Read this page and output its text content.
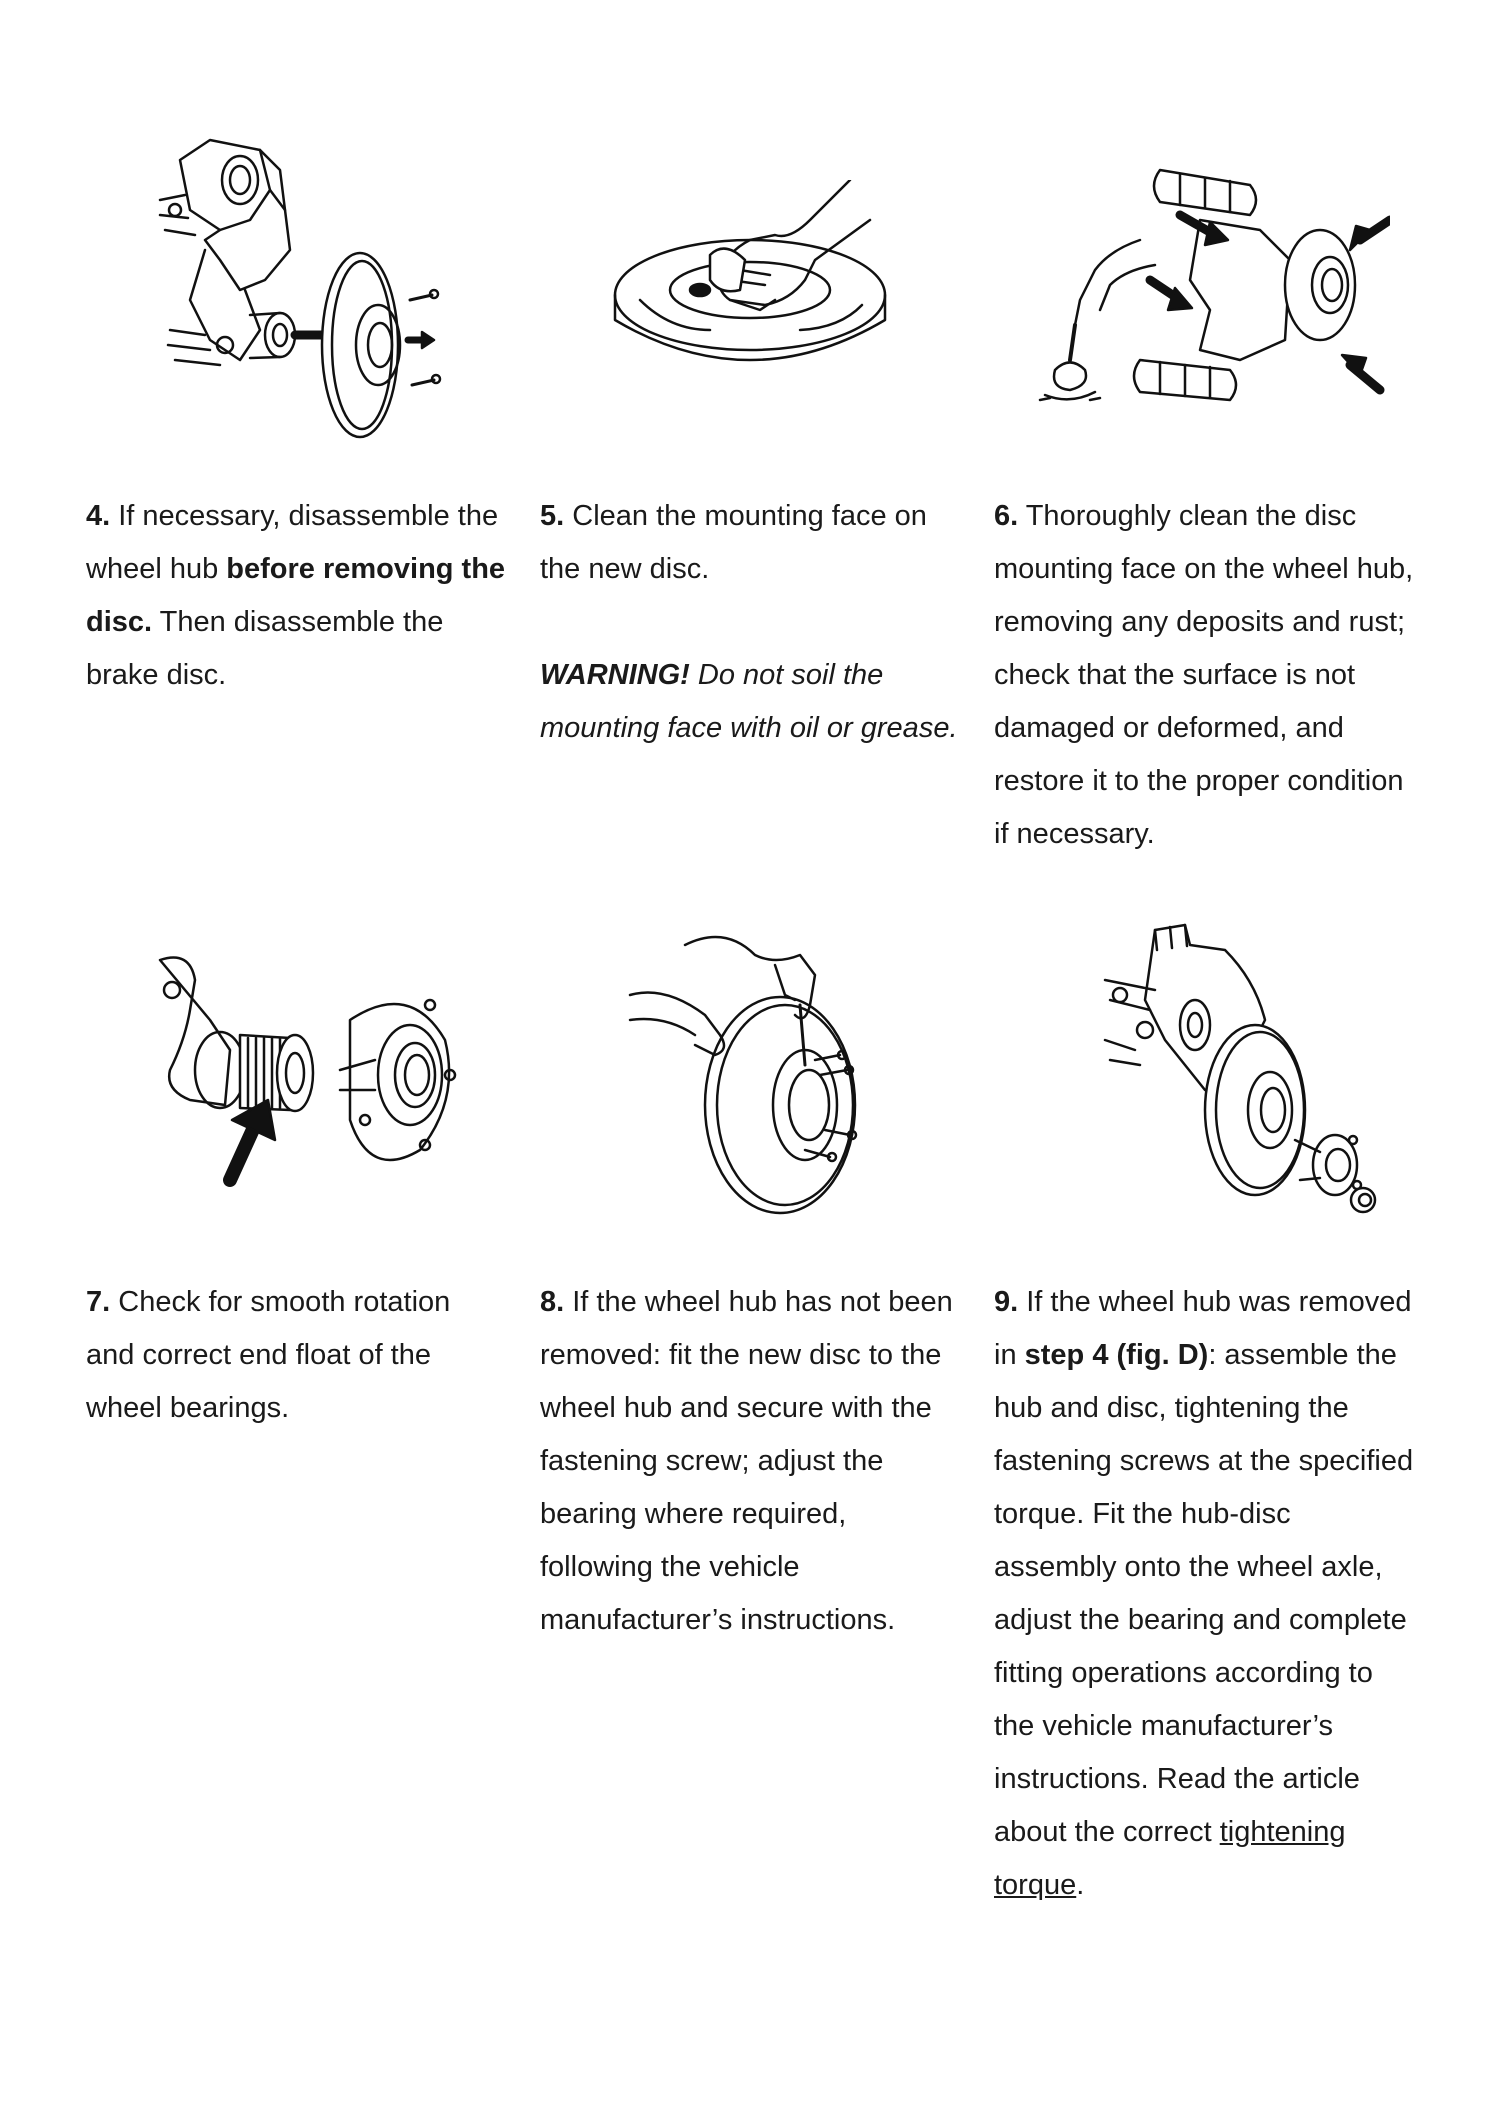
4. If necessary, disassemble the wheel hub before removing the disc. Then disassemble the brake disc.

5. Clean the mounting face on the new disc.

WARNING! Do not soil the mounting face with oil or grease.

6. Thoroughly clean the disc mounting face on the wheel hub, removing any deposits and rust; check that the surface is not damaged or deformed, and restore it to the proper condition if necessary.

7. Check for smooth rotation and correct end float of the wheel bearings.

8. If the wheel hub has not been removed: fit the new disc to the wheel hub and secure with the fastening screw; adjust the bearing where required, following the vehicle manufacturer’s instructions.

9. If the wheel hub was removed in step 4 (fig. D): assemble the hub and disc, tightening the fastening screws at the specified torque. Fit the hub-disc assembly onto the wheel axle, adjust the bearing and complete fitting operations according to the vehicle manufacturer’s instructions. Read the article about the correct tightening torque.
